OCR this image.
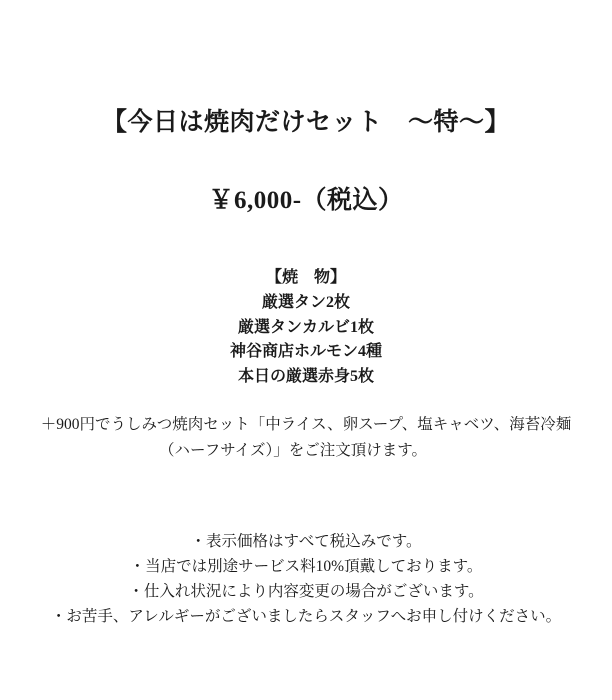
【今日は焼肉だけセット　〜特〜】
￥6,000-（税込）
【焼　物】
厳選タン2枚
厳選タンカルビ1枚
神谷商店ホルモン4種
本日の厳選赤身5枚
＋900円でうしみつ焼肉セット「中ライス、卵スープ、塩キャベツ、海苔冷麺
（ハーフサイズ）」をご注文頂けます。
・表示価格はすべて税込みです。
・当店では別途サービス料10%頂戴しております。
・仕入れ状況により内容変更の場合がございます。
・お苦手、アレルギーがございましたらスタッフへお申し付けください。
